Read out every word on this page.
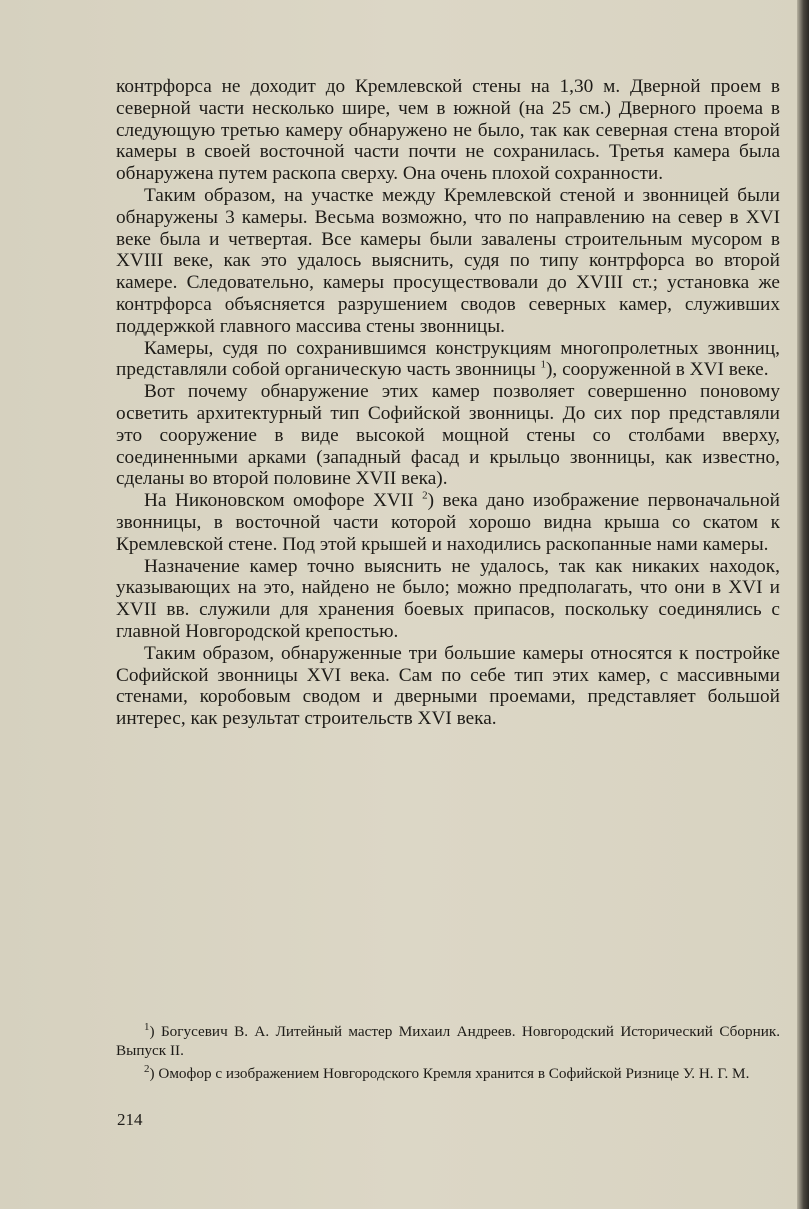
контрфорса не доходит до Кремлевской стены на 1,30 м. Дверной проем в северной части несколько шире, чем в южной (на 25 см.) Дверного проема в следующую третью камеру обнаружено не было, так как северная стена второй камеры в своей восточной части почти не сохранилась. Третья камера была обнаружена путем раскопа сверху. Она очень плохой сохранности.

Таким образом, на участке между Кремлевской стеной и звонницей были обнаружены 3 камеры. Весьма возможно, что по направлению на север в XVI веке была и четвертая. Все камеры были завалены строительным мусором в XVIII веке, как это удалось выяснить, судя по типу контрфорса во второй камере. Следовательно, камеры просуществовали до XVIII ст.; установка же контрфорса объясняется разрушением сводов северных камер, служивших поддержкой главного массива стены звонницы.

Камеры, судя по сохранившимся конструкциям многопролетных звонниц, представляли собой органическую часть звонницы $^1$), сооруженной в XVI веке.

Вот почему обнаружение этих камер позволяет совершенно поновому осветить архитектурный тип Софийской звонницы. До сих пор представляли это сооружение в виде высокой мощной стены со столбами вверху, соединенными арками (западный фасад и крыльцо звонницы, как известно, сделаны во второй половине XVII века).

На Никоновском омофоре XVII $^2$) века дано изображение первоначальной звонницы, в восточной части которой хорошо видна крыша со скатом к Кремлевской стене. Под этой крышей и находились раскопанные нами камеры.

Назначение камер точно выяснить не удалось, так как никаких находок, указывающих на это, найдено не было; можно предполагать, что они в XVI и XVII вв. служили для хранения боевых припасов, поскольку соединялись с главной Новгородской крепостью.

Таким образом, обнаруженные три большие камеры относятся к постройке Софийской звонницы XVI века. Сам по себе тип этих камер, с массивными стенами, коробовым сводом и дверными проемами, представляет большой интерес, как результат строительств XVI века.

$^1$) Богусевич В. А. Литейный мастер Михаил Андреев. Новгородский Исторический Сборник. Выпуск II.

$^2$) Омофор с изображением Новгородского Кремля хранится в Софийской Ризнице У. Н. Г. М.

214
